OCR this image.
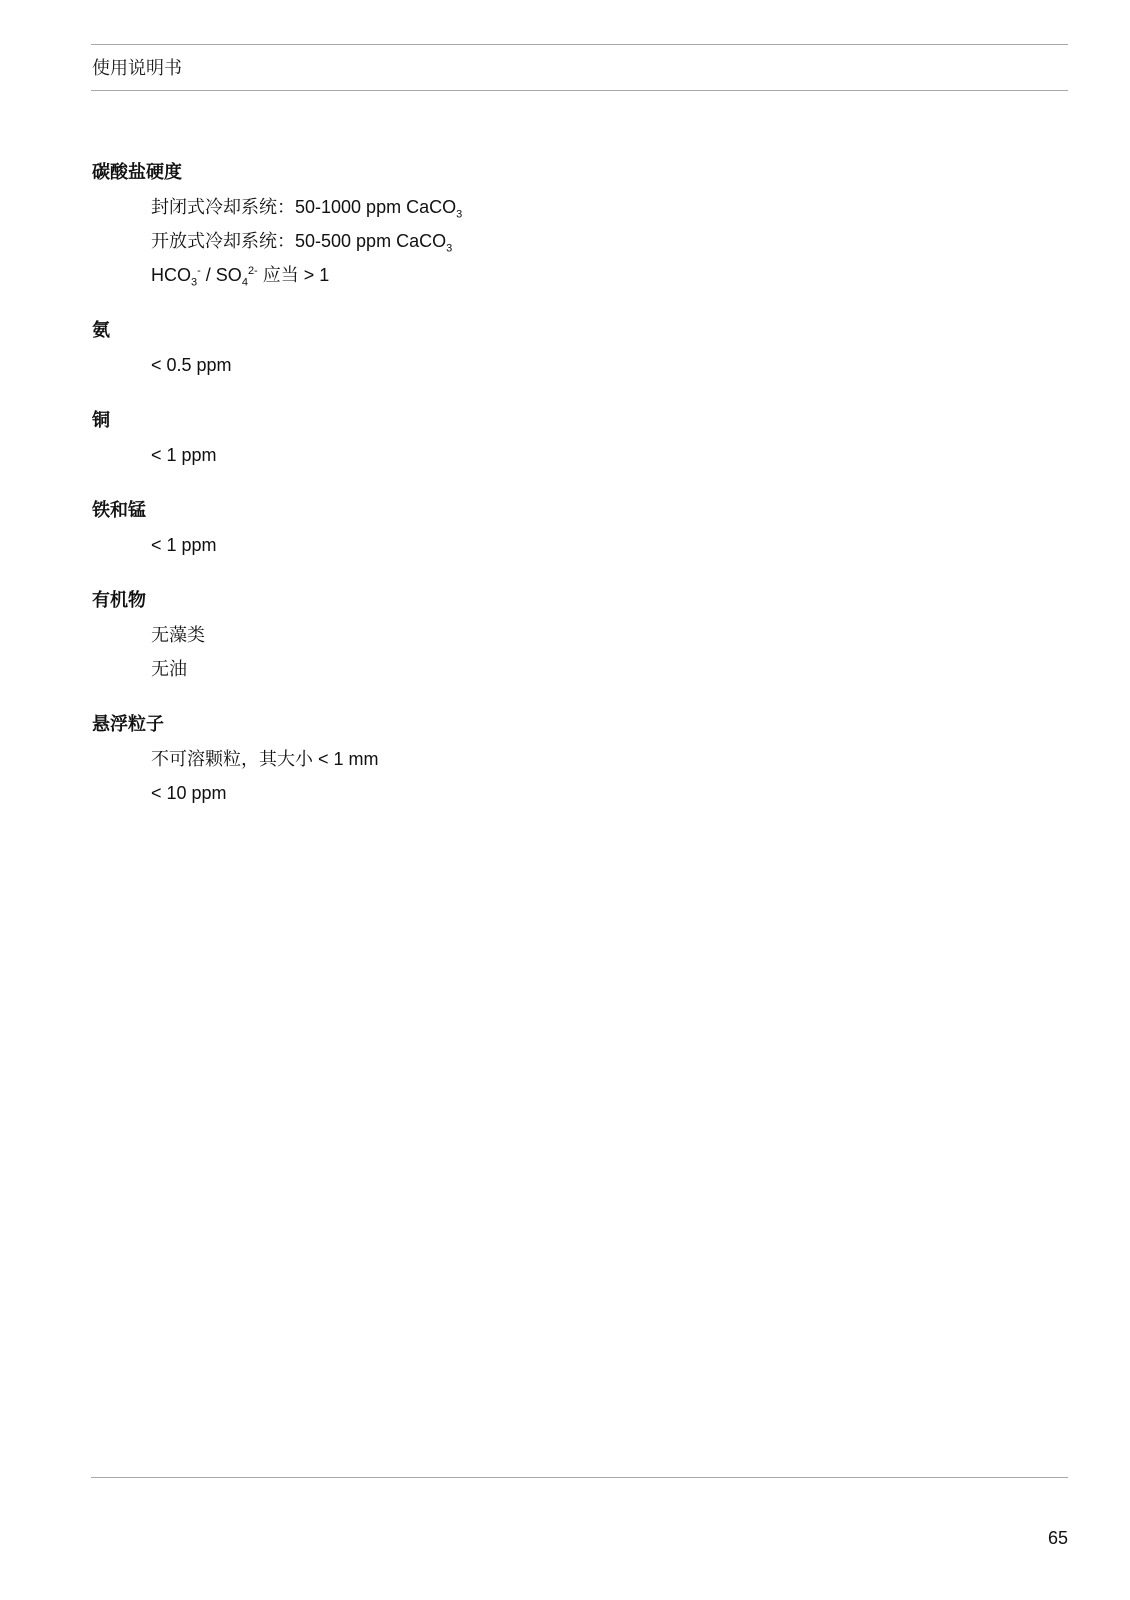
使用说明书
碳酸盐硬度
封闭式冷却系统：50-1000 ppm CaCO$_3$
开放式冷却系统：50-500 ppm CaCO$_3$
$HCO_3^- / SO_4^{2-}$ 应当 > 1
氨
< 0.5 ppm
铜
< 1 ppm
铁和锰
< 1 ppm
有机物
无藻类
无油
悬浮粒子
不可溶颗粒，其大小 < 1 mm
< 10 ppm
65
